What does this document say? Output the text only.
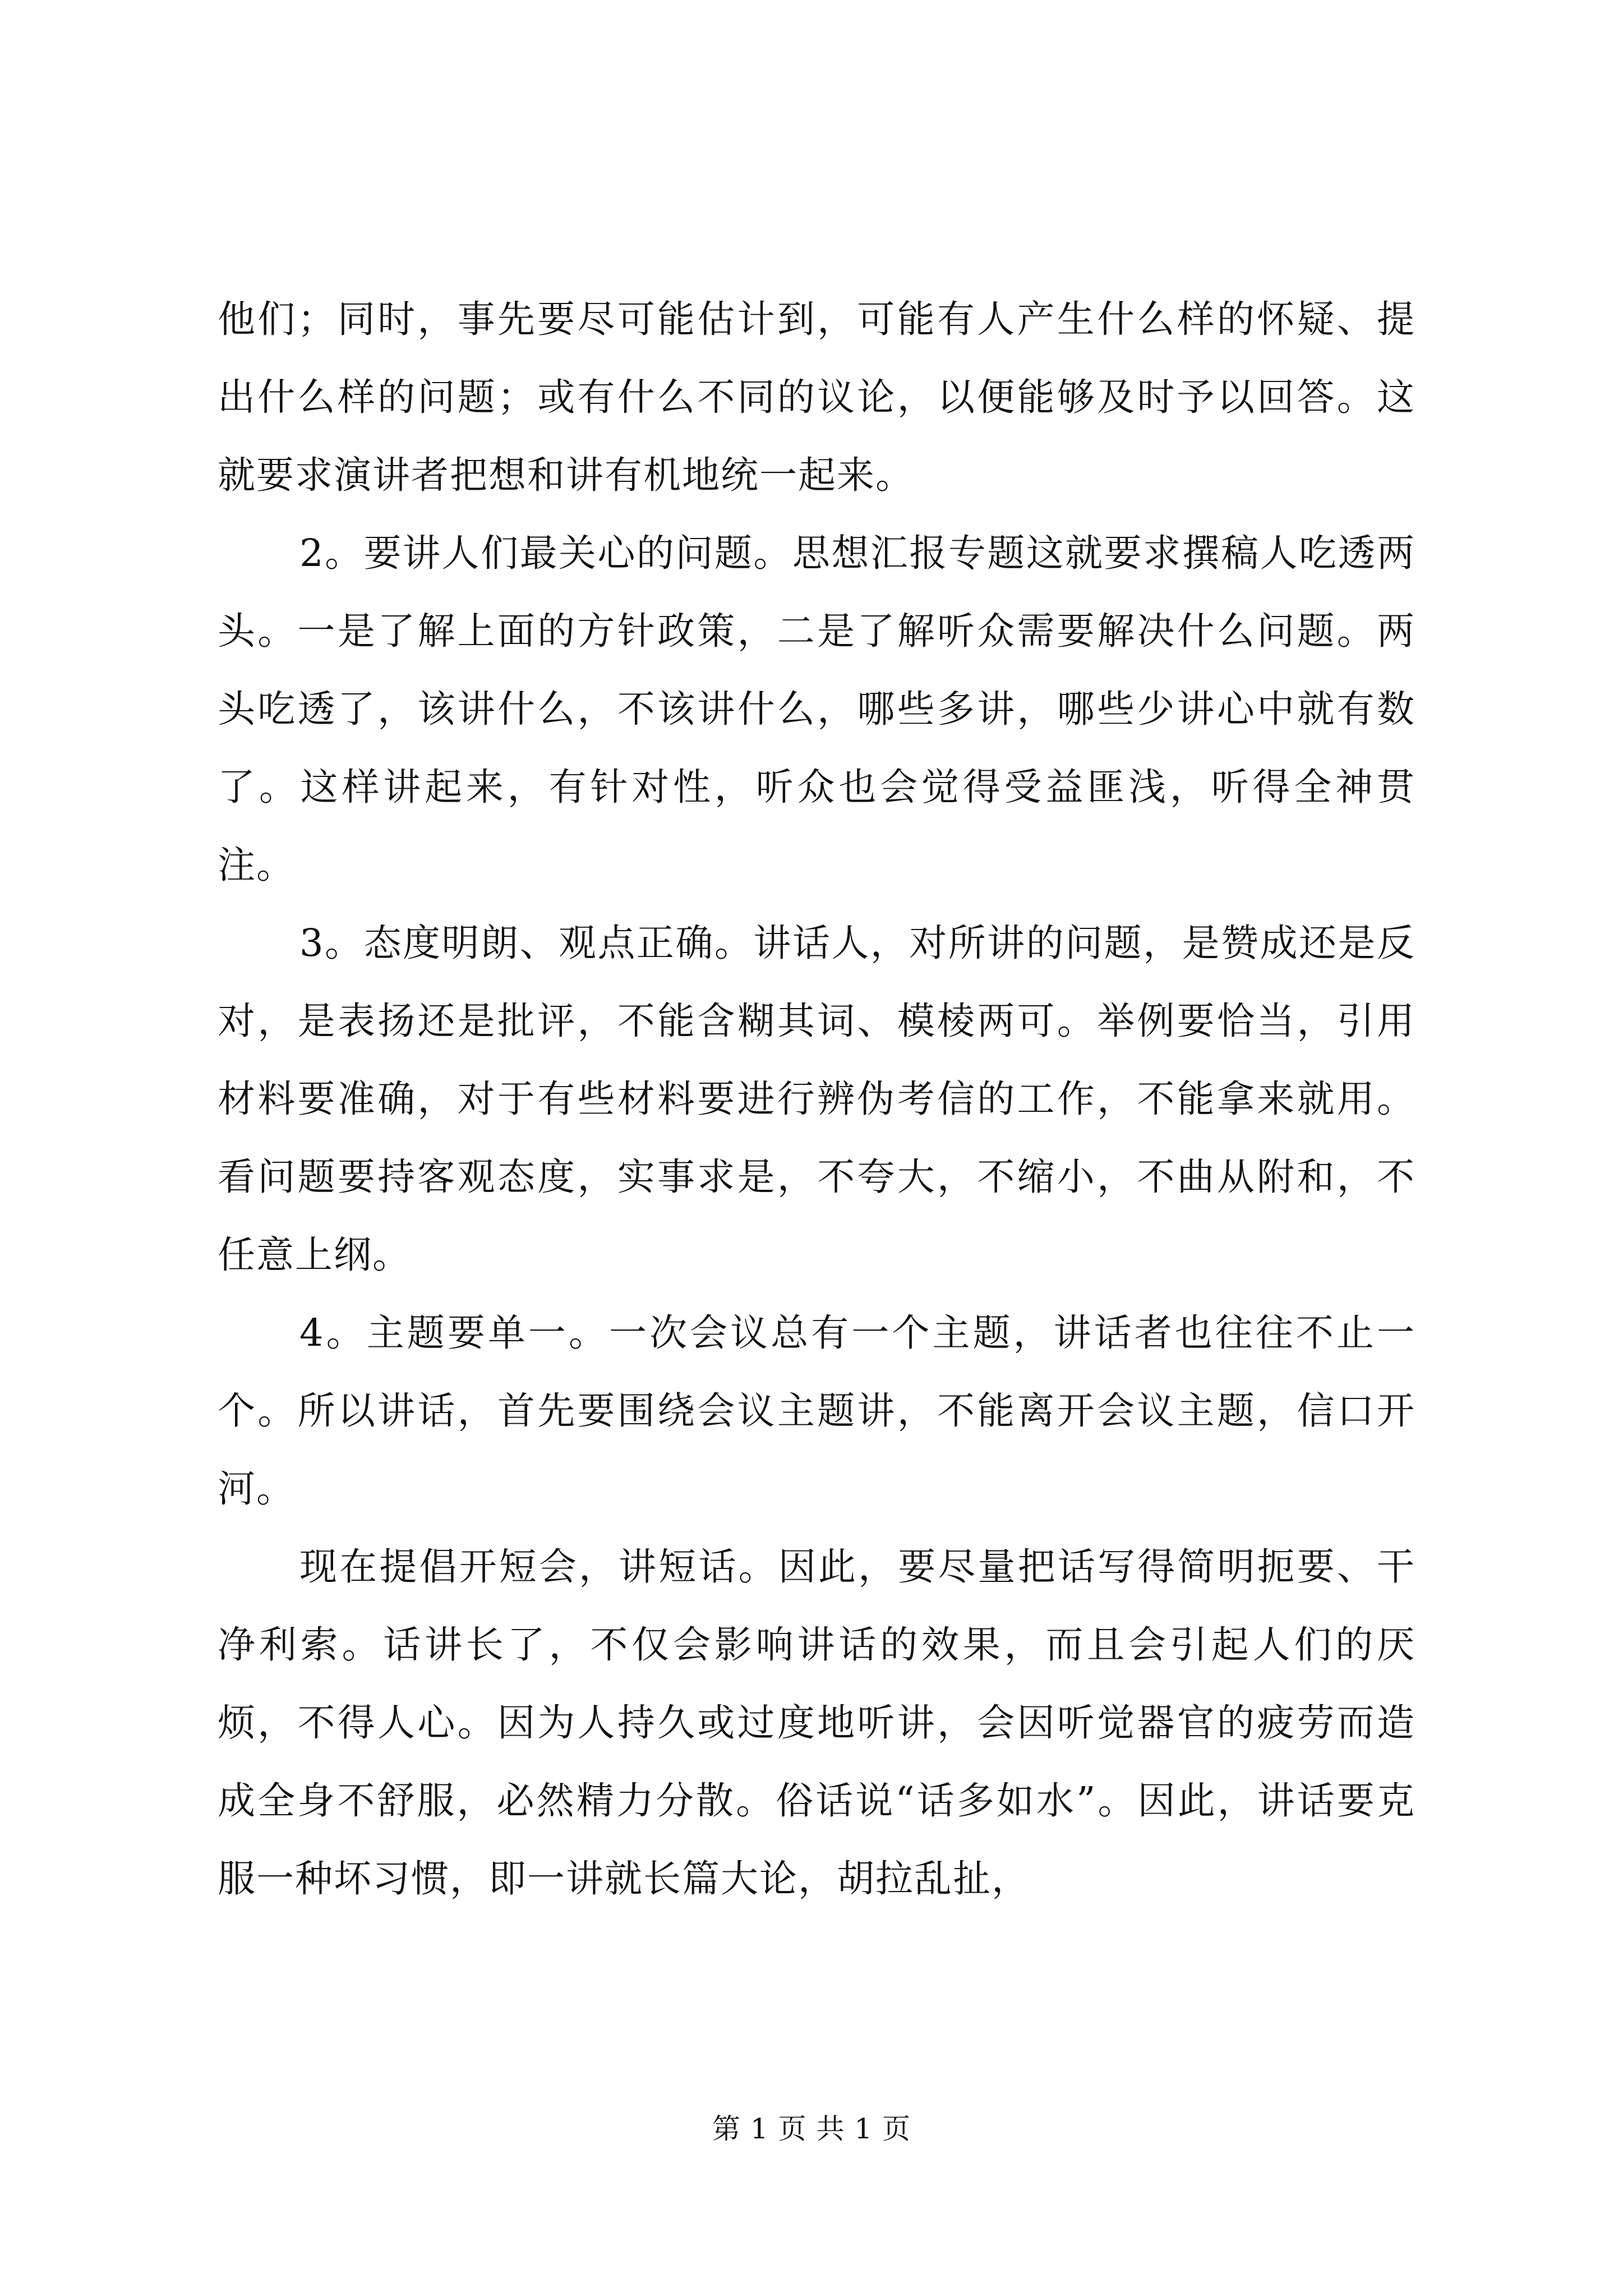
他们；同时，事先要尽可能估计到，可能有人产生什么样的怀疑、提出什么样的问题；或有什么不同的议论，以便能够及时予以回答。这就要求演讲者把想和讲有机地统一起来。

2。要讲人们最关心的问题。思想汇报专题这就要求撰稿人吃透两头。一是了解上面的方针政策，二是了解听众需要解决什么问题。两头吃透了，该讲什么，不该讲什么，哪些多讲，哪些少讲心中就有数了。这样讲起来，有针对性，听众也会觉得受益匪浅，听得全神贯注。

3。态度明朗、观点正确。讲话人，对所讲的问题，是赞成还是反对，是表扬还是批评，不能含糊其词、模棱两可。举例要恰当，引用材料要准确，对于有些材料要进行辨伪考信的工作，不能拿来就用。看问题要持客观态度，实事求是，不夸大，不缩小，不曲从附和，不任意上纲。

4。主题要单一。一次会议总有一个主题，讲话者也往往不止一个。所以讲话，首先要围绕会议主题讲，不能离开会议主题，信口开河。

现在提倡开短会，讲短话。因此，要尽量把话写得简明扼要、干净利索。话讲长了，不仅会影响讲话的效果，而且会引起人们的厌烦，不得人心。因为人持久或过度地听讲，会因听觉器官的疲劳而造成全身不舒服，必然精力分散。俗话说“话多如水”。因此，讲话要克服一种坏习惯，即一讲就长篇大论，胡拉乱扯，

第 1 页 共 1 页
